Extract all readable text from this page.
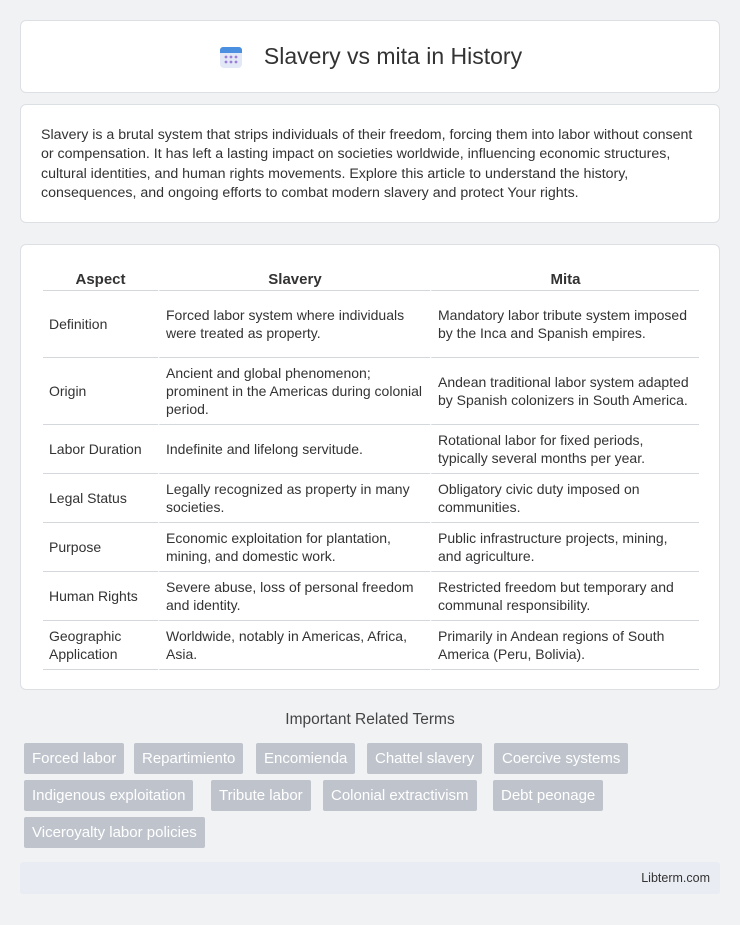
Slavery vs mita in History

Slavery is a brutal system that strips individuals of their freedom, forcing them into labor without consent or compensation. It has left a lasting impact on societies worldwide, influencing economic structures, cultural identities, and human rights movements. Explore this article to understand the history, consequences, and ongoing efforts to combat modern slavery and protect Your rights.

Aspect	Slavery	Mita
Definition	Forced labor system where individuals were treated as property.	Mandatory labor tribute system imposed by the Inca and Spanish empires.
Origin	Ancient and global phenomenon; prominent in the Americas during colonial period.	Andean traditional labor system adapted by Spanish colonizers in South America.
Labor Duration	Indefinite and lifelong servitude.	Rotational labor for fixed periods, typically several months per year.
Legal Status	Legally recognized as property in many societies.	Obligatory civic duty imposed on communities.
Purpose	Economic exploitation for plantation, mining, and domestic work.	Public infrastructure projects, mining, and agriculture.
Human Rights	Severe abuse, loss of personal freedom and identity.	Restricted freedom but temporary and communal responsibility.
Geographic Application	Worldwide, notably in Americas, Africa, Asia.	Primarily in Andean regions of South America (Peru, Bolivia).
Important Related Terms
Forced labor	Repartimiento	Encomienda	Chattel slavery	Coercive systems
Indigenous exploitation	Tribute labor	Colonial extractivism	Debt peonage
Viceroyalty labor policies
Libterm.com
